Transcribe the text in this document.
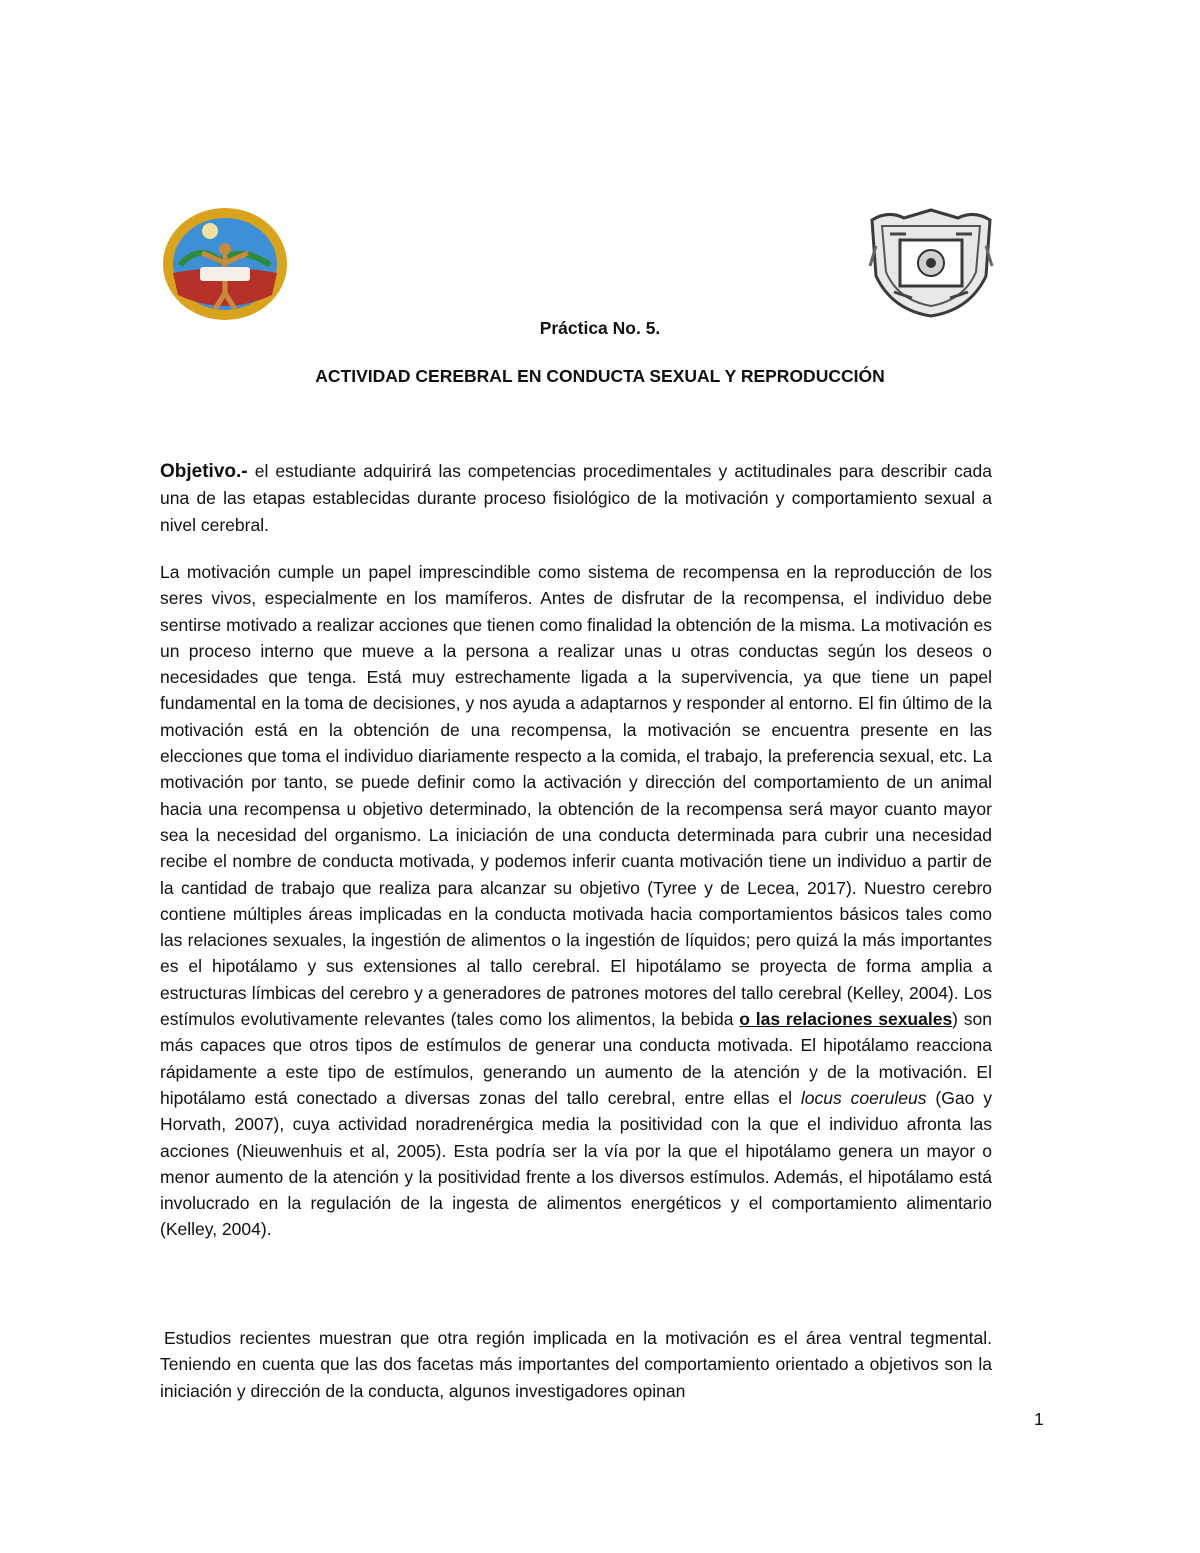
Práctica No. 5.
ACTIVIDAD CEREBRAL EN CONDUCTA SEXUAL Y REPRODUCCIÓN
Objetivo.- el estudiante adquirirá las competencias procedimentales y actitudinales para describir cada una de las etapas establecidas durante proceso fisiológico de la motivación y comportamiento sexual a nivel cerebral.
La motivación cumple un papel imprescindible como sistema de recompensa en la reproducción de los seres vivos, especialmente en los mamíferos. Antes de disfrutar de la recompensa, el individuo debe sentirse motivado a realizar acciones que tienen como finalidad la obtención de la misma. La motivación es un proceso interno que mueve a la persona a realizar unas u otras conductas según los deseos o necesidades que tenga. Está muy estrechamente ligada a la supervivencia, ya que tiene un papel fundamental en la toma de decisiones, y nos ayuda a adaptarnos y responder al entorno. El fin último de la motivación está en la obtención de una recompensa, la motivación se encuentra presente en las elecciones que toma el individuo diariamente respecto a la comida, el trabajo, la preferencia sexual, etc. La motivación por tanto, se puede definir como la activación y dirección del comportamiento de un animal hacia una recompensa u objetivo determinado, la obtención de la recompensa será mayor cuanto mayor sea la necesidad del organismo. La iniciación de una conducta determinada para cubrir una necesidad recibe el nombre de conducta motivada, y podemos inferir cuanta motivación tiene un individuo a partir de la cantidad de trabajo que realiza para alcanzar su objetivo (Tyree y de Lecea, 2017). Nuestro cerebro contiene múltiples áreas implicadas en la conducta motivada hacia comportamientos básicos tales como las relaciones sexuales, la ingestión de alimentos o la ingestión de líquidos; pero quizá la más importantes es el hipotálamo y sus extensiones al tallo cerebral. El hipotálamo se proyecta de forma amplia a estructuras límbicas del cerebro y a generadores de patrones motores del tallo cerebral (Kelley, 2004). Los estímulos evolutivamente relevantes (tales como los alimentos, la bebida o las relaciones sexuales) son más capaces que otros tipos de estímulos de generar una conducta motivada. El hipotálamo reacciona rápidamente a este tipo de estímulos, generando un aumento de la atención y de la motivación. El hipotálamo está conectado a diversas zonas del tallo cerebral, entre ellas el locus coeruleus (Gao y Horvath, 2007), cuya actividad noradrenérgica media la positividad con la que el individuo afronta las acciones (Nieuwenhuis et al, 2005). Esta podría ser la vía por la que el hipotálamo genera un mayor o menor aumento de la atención y la positividad frente a los diversos estímulos. Además, el hipotálamo está involucrado en la regulación de la ingesta de alimentos energéticos y el comportamiento alimentario (Kelley, 2004).
Estudios recientes muestran que otra región implicada en la motivación es el área ventral tegmental. Teniendo en cuenta que las dos facetas más importantes del comportamiento orientado a objetivos son la iniciación y dirección de la conducta, algunos investigadores opinan
1
